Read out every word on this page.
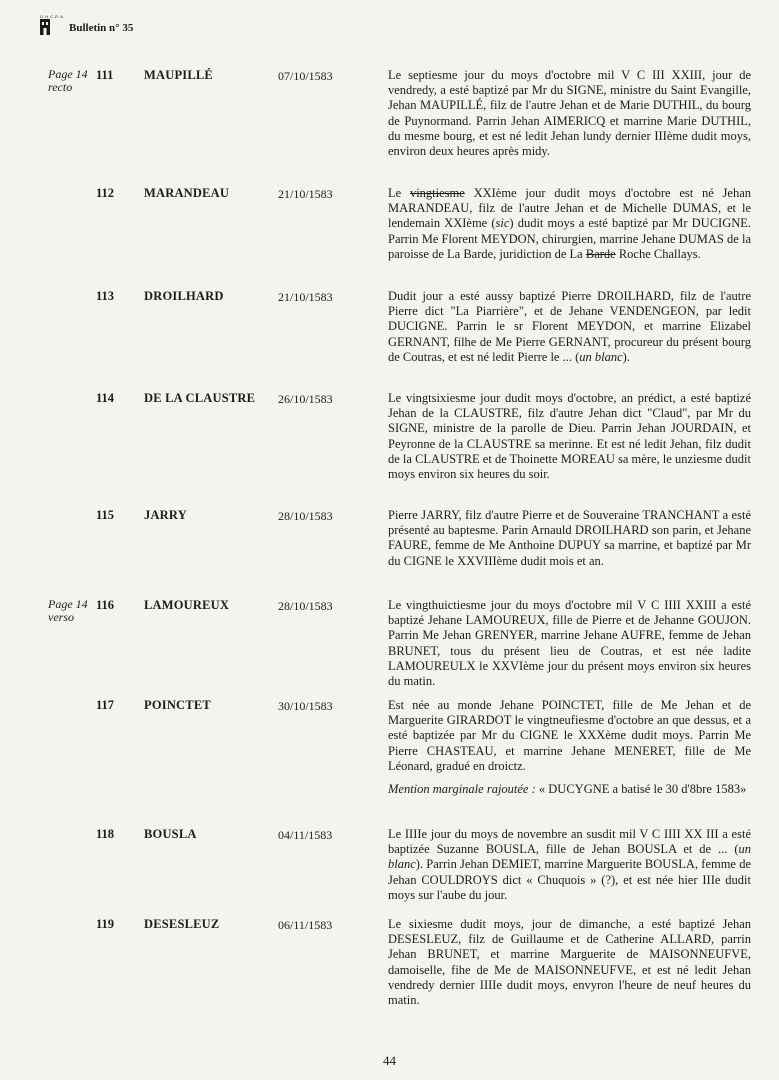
G.H.C.R.A.
Bulletin n° 35
Page 14
recto
111 MAUPILLÉ	07/10/1583	Le septiesme jour du moys d'octobre mil V C III XXIII, jour de vendredy, a esté baptizé par Mr du SIGNE, ministre du Saint Evangille, Jehan MAUPILLÉ, filz de l'autre Jehan et de Marie DUTHIL, du bourg de Puynormand. Parrin Jehan AIMERICQ et marrine Marie DUTHIL, du mesme bourg, et est né ledit Jehan lundy dernier IIIème dudit moys, environ deux heures après midy.

112 MARANDEAU	21/10/1583	Le vingtiesme XXIème jour dudit moys d'octobre est né Jehan MARANDEAU, filz de l'autre Jehan et de Michelle DUMAS, et le lendemain XXIème (sic) dudit moys a esté baptizé par Mr DUCIGNE. Parrin Me Florent MEYDON, chirurgien, marrine Jehane DUMAS de la paroisse de La Barde, juridiction de La Barde Roche Challays.

113 DROILHARD	21/10/1583	Dudit jour a esté aussy baptizé Pierre DROILHARD, filz de l'autre Pierre dict "La Piarrière", et de Jehane VENDENGEON, par ledit DUCIGNE. Parrin le sr Florent MEYDON, et marrine Elizabel GERNANT, filhe de Me Pierre GERNANT, procureur du présent bourg de Coutras, et est né ledit Pierre le ... (un blanc).

114 DE LA CLAUSTRE 26/10/1583	Le vingtsixiesme jour dudit moys d'octobre, an prédict, a esté baptizé Jehan de la CLAUSTRE, filz d'autre Jehan dict "Claud", par Mr du SIGNE, ministre de la parolle de Dieu. Parrin Jehan JOURDAIN, et Peyronne de la CLAUSTRE sa merinne. Et est né ledit Jehan, filz dudit de la CLAUSTRE et de Thoinette MOREAU sa mère, le unziesme dudit moys environ six heures du soir.

115 JARRY	28/10/1583	Pierre JARRY, filz d'autre Pierre et de Souveraine TRANCHANT a esté présenté au baptesme. Parin Arnauld DROILHARD son parin, et Jehane FAURE, femme de Me Anthoine DUPUY sa marrine, et baptizé par Mr du CIGNE le XXVIIIème dudit mois et an.

Page 14
verso
116 LAMOUREUX	28/10/1583	Le vingthuictiesme jour du moys d'octobre mil V C IIII XXIII a esté baptizé Jehane LAMOUREUX, fille de Pierre et de Jehanne GOUJON. Parrin Me Jehan GRENYER, marrine Jehane AUFRE, femme de Jehan BRUNET, tous du présent lieu de Coutras, et est née ladite LAMOUREULX le XXVIème jour du présent moys environ six heures du matin.

117 POINCTET	30/10/1583	Est née au monde Jehane POINCTET, fille de Me Jehan et de Marguerite GIRARDOT le vingtneufiesme d'octobre an que dessus, et a esté baptizée par Mr du CIGNE le XXXème dudit moys. Parrin Me Pierre CHASTEAU, et marrine Jehane MENERET, fille de Me Léonard, gradué en droictz.

Mention marginale rajoutée : « DUCYGNE a batisé le 30 d'8bre 1583»

118 BOUSLA	04/11/1583	Le IIIIe jour du moys de novembre an susdit mil V C IIII XX III a esté baptizée Suzanne BOUSLA, fille de Jehan BOUSLA et de ... (un blanc). Parrin Jehan DEMIET, marrine Marguerite BOUSLA, femme de Jehan COULDROYS dict « Chuquois » (?), et est née hier IIIe dudit moys sur l'aube du jour.

119 DESESLEUZ	06/11/1583	Le sixiesme dudit moys, jour de dimanche, a esté baptizé Jehan DESESLEUZ, filz de Guillaume et de Catherine ALLARD, parrin Jehan BRUNET, et marrine Marguerite de MAISONNEUFVE, damoiselle, fihe de Me de MAISONNEUFVE, et est né ledit Jehan vendredy dernier IIIIe dudit moys, envyron l'heure de neuf heures du matin.

44
